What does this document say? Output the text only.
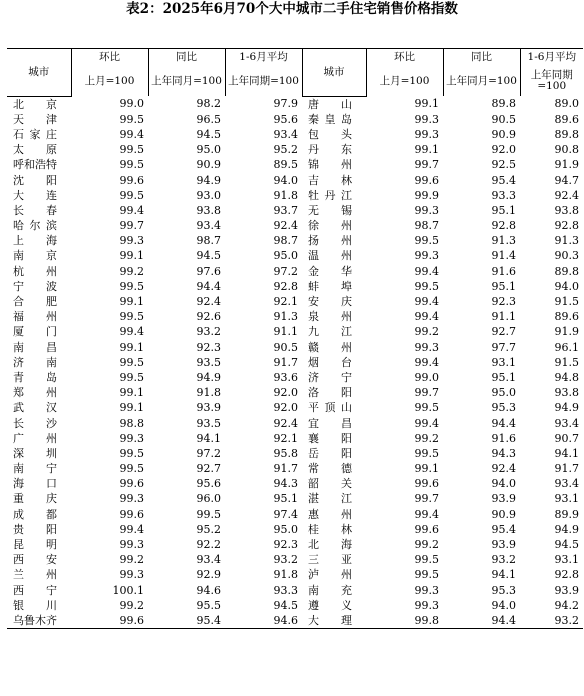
表2：2025年6月70个大中城市二手住宅销售价格指数
城市	环比	同比	1-6月平均	城市	环比	同比	1-6月平均
	上月=100	上年同月=100	上年同期=100		上月=100	上年同月=100	上年同期=100
北京	99.0	98.2	97.9	唐山	99.1	89.8	89.0
天津	99.5	96.5	95.6	秦皇岛	99.3	90.5	89.6
石家庄	99.4	94.5	93.4	包头	99.3	90.9	89.8
太原	99.5	95.0	95.2	丹东	99.1	92.0	90.8
呼和浩特	99.5	90.9	89.5	锦州	99.7	92.5	91.9
沈阳	99.6	94.9	94.0	吉林	99.6	95.4	94.7
大连	99.5	93.0	91.8	牡丹江	99.9	93.3	92.4
长春	99.4	93.8	93.7	无锡	99.3	95.1	93.8
哈尔滨	99.7	93.4	92.4	徐州	98.7	92.8	92.8
上海	99.3	98.7	98.7	扬州	99.5	91.3	91.3
南京	99.1	94.5	95.0	温州	99.3	91.4	90.3
杭州	99.2	97.6	97.2	金华	99.4	91.6	89.8
宁波	99.5	94.4	92.8	蚌埠	99.5	95.1	94.0
合肥	99.1	92.4	92.1	安庆	99.4	92.3	91.5
福州	99.5	92.6	91.3	泉州	99.4	91.1	89.6
厦门	99.4	93.2	91.1	九江	99.2	92.7	91.9
南昌	99.1	92.3	90.5	赣州	99.3	97.7	96.1
济南	99.5	93.5	91.7	烟台	99.4	93.1	91.5
青岛	99.5	94.9	93.6	济宁	99.0	95.1	94.8
郑州	99.1	91.8	92.0	洛阳	99.7	95.0	93.8
武汉	99.1	93.9	92.0	平顶山	99.5	95.3	94.9
长沙	98.8	93.5	92.4	宜昌	99.4	94.4	93.4
广州	99.3	94.1	92.1	襄阳	99.2	91.6	90.7
深圳	99.5	97.2	95.8	岳阳	99.5	94.3	94.1
南宁	99.5	92.7	91.7	常德	99.1	92.4	91.7
海口	99.6	95.6	94.3	韶关	99.6	94.0	93.4
重庆	99.3	96.0	95.1	湛江	99.7	93.9	93.1
成都	99.6	99.5	97.4	惠州	99.4	90.9	89.9
贵阳	99.4	95.2	95.0	桂林	99.6	95.4	94.9
昆明	99.3	92.2	92.3	北海	99.2	93.9	94.5
西安	99.2	93.4	93.2	三亚	99.5	93.2	93.1
兰州	99.3	92.9	91.8	泸州	99.5	94.1	92.8
西宁	100.1	94.6	93.3	南充	99.3	95.3	93.9
银川	99.2	95.5	94.5	遵义	99.3	94.0	94.2
乌鲁木齐	99.6	95.4	94.6	大理	99.8	94.4	93.2
